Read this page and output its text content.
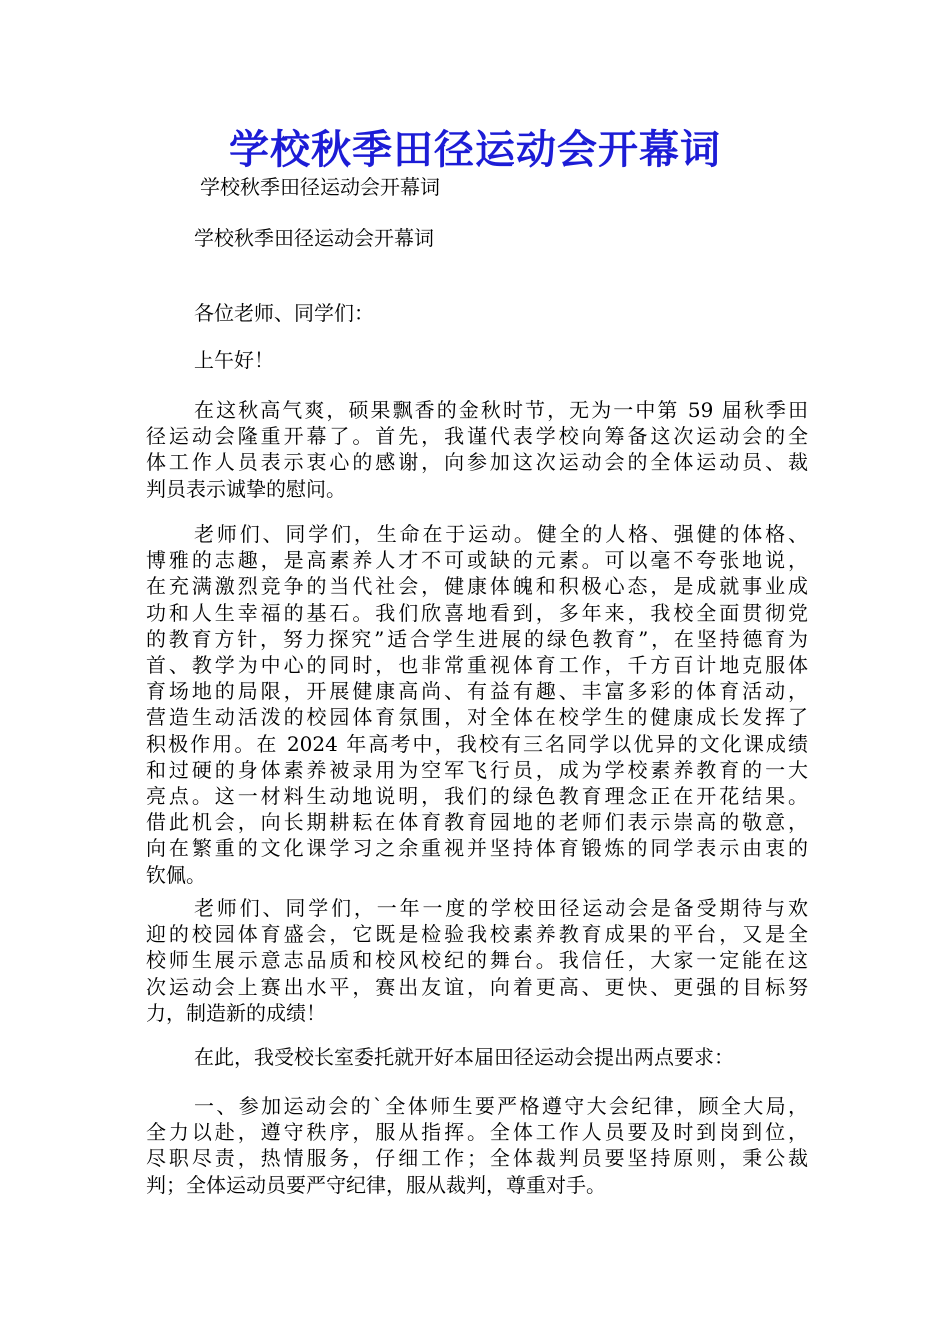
学校秋季田径运动会开幕词
学校秋季田径运动会开幕词
学校秋季田径运动会开幕词
各位老师、同学们：
上午好！
在这秋高气爽，硕果飘香的金秋时节，无为一中第 59 届秋季田
径运动会隆重开幕了。首先，我谨代表学校向筹备这次运动会的全
体工作人员表示衷心的感谢，向参加这次运动会的全体运动员、裁
判员表示诚挚的慰问。
老师们、同学们，生命在于运动。健全的人格、强健的体格、
博雅的志趣，是高素养人才不可或缺的元素。可以毫不夸张地说，
在充满激烈竞争的当代社会，健康体魄和积极心态，是成就事业成
功和人生幸福的基石。我们欣喜地看到，多年来，我校全面贯彻党
的教育方针，努力探究”适合学生进展的绿色教育”，在坚持德育为
首、教学为中心的同时，也非常重视体育工作，千方百计地克服体
育场地的局限，开展健康高尚、有益有趣、丰富多彩的体育活动，
营造生动活泼的校园体育氛围，对全体在校学生的健康成长发挥了
积极作用。在 2024 年高考中，我校有三名同学以优异的文化课成绩
和过硬的身体素养被录用为空军飞行员，成为学校素养教育的一大
亮点。这一材料生动地说明，我们的绿色教育理念正在开花结果。
借此机会，向长期耕耘在体育教育园地的老师们表示崇高的敬意，
向在繁重的文化课学习之余重视并坚持体育锻炼的同学表示由衷的
钦佩。
老师们、同学们，一年一度的学校田径运动会是备受期待与欢
迎的校园体育盛会，它既是检验我校素养教育成果的平台，又是全
校师生展示意志品质和校风校纪的舞台。我信任，大家一定能在这
次运动会上赛出水平，赛出友谊，向着更高、更快、更强的目标努
力，制造新的成绩！
在此，我受校长室委托就开好本届田径运动会提出两点要求：
一、参加运动会的`全体师生要严格遵守大会纪律，顾全大局，
全力以赴，遵守秩序，服从指挥。全体工作人员要及时到岗到位，
尽职尽责，热情服务，仔细工作；全体裁判员要坚持原则，秉公裁
判；全体运动员要严守纪律，服从裁判，尊重对手。
